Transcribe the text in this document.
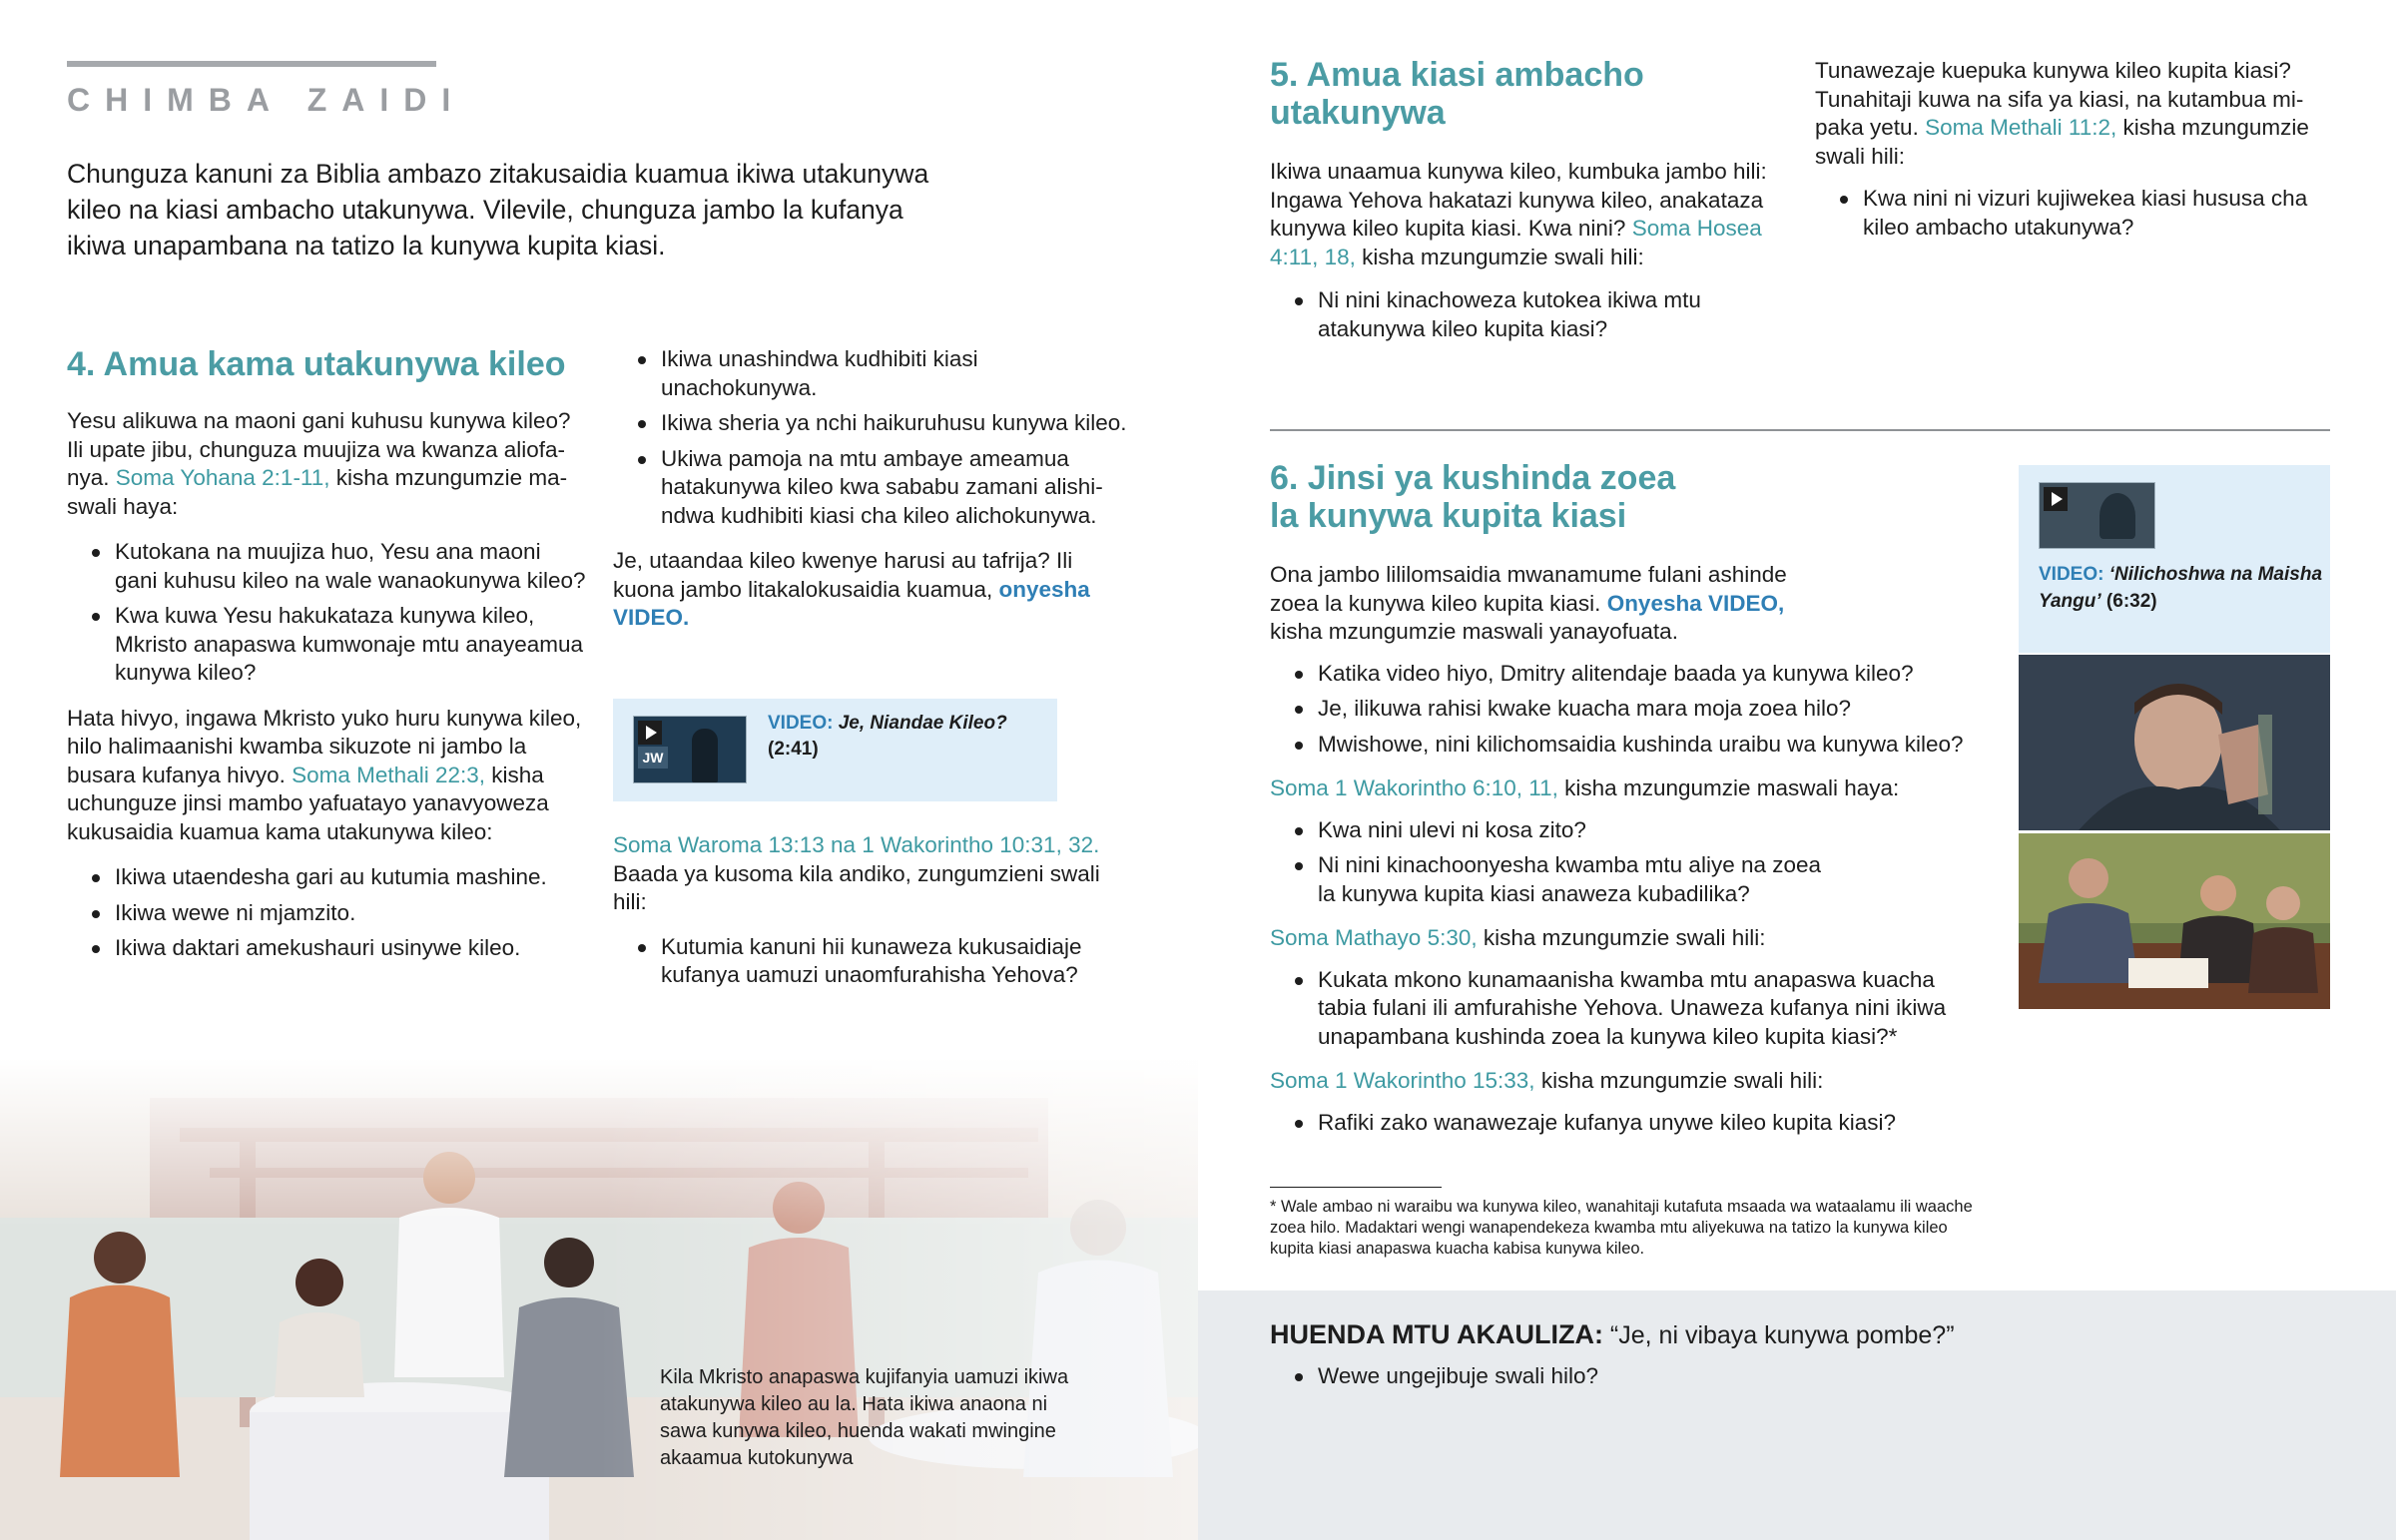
CHIMBA ZAIDI

Chunguza kanuni za Biblia ambazo zitakusaidia kuamua ikiwa utakunywa kileo na kiasi ambacho utakunywa. Vilevile, chunguza jambo la kufanya ikiwa unapambana na tatizo la kunywa kupita kiasi.

4. Amua kama utakunywa kileo

Yesu alikuwa na maoni gani kuhusu kunywa kileo? Ili upate jibu, chunguza muujiza wa kwanza aliofanya. Soma Yohana 2:1-11, kisha mzungumzie maswali haya:

Kutokana na muujiza huo, Yesu ana maoni gani kuhusu kileo na wale wanaokunywa kileo?
Kwa kuwa Yesu hakukataza kunywa kileo, Mkristo anapaswa kumwonaje mtu anayeamua kunywa kileo?

Hata hivyo, ingawa Mkristo yuko huru kunywa kileo, hilo halimaanishi kwamba sikuzote ni jambo la busara kufanya hivyo. Soma Methali 22:3, kisha uchunguze jinsi mambo yafuatayo yanavyoweza kukusaidia kuamua kama utakunywa kileo:

Ikiwa utaendesha gari au kutumia mashine.
Ikiwa wewe ni mjamzito.
Ikiwa daktari amekushauri usinywe kileo.
Ikiwa unashindwa kudhibiti kiasi unachokunywa.
Ikiwa sheria ya nchi haikuruhusu kunywa kileo.
Ukiwa pamoja na mtu ambaye ameamua hatakunywa kileo kwa sababu zamani alishindwa kudhibiti kiasi cha kileo alichokunywa.

Je, utaandaa kileo kwenye harusi au tafrija? Ili kuona jambo litakalokusaidia kuamua, onyesha VIDEO.

JW
VIDEO: Je, Niandae Kileo?
(2:41)

Soma Waroma 13:13 na 1 Wakorintho 10:31, 32.

Baada ya kusoma kila andiko, zungumzieni swali hili:

Kutumia kanuni hii kunaweza kukusaidiaje kufanya uamuzi unaomfurahisha Yehova?

Kila Mkristo anapaswa kujifanyia uamuzi ikiwa atakunywa kileo au la. Hata ikiwa anaona ni sawa kunywa kileo, huenda wakati mwingine akaamua kutokunywa

5. Amua kiasi ambacho utakunywa

Ikiwa unaamua kunywa kileo, kumbuka jambo hili: Ingawa Yehova hakatazi kunywa kileo, anakataza kunywa kileo kupita kiasi. Kwa nini? Soma Hosea 4:11, 18, kisha mzungumzie swali hili:

Ni nini kinachoweza kutokea ikiwa mtu atakunywa kileo kupita kiasi?

Tunawezaje kuepuka kunywa kileo kupita kiasi? Tunahitaji kuwa na sifa ya kiasi, na kutambua mipaka yetu. Soma Methali 11:2, kisha mzungumzie swali hili:

Kwa nini ni vizuri kujiwekea kiasi hususa cha kileo ambacho utakunywa?
6. Jinsi ya kushinda zoea la kunywa kupita kiasi

Ona jambo lililomsaidia mwanamume fulani ashinde zoea la kunywa kileo kupita kiasi. Onyesha VIDEO, kisha mzungumzie maswali yanayofuata.

Katika video hiyo, Dmitry alitendaje baada ya kunywa kileo?
Je, ilikuwa rahisi kwake kuacha mara moja zoea hilo?
Mwishowe, nini kilichomsaidia kushinda uraibu wa kunywa kileo?

Soma 1 Wakorintho 6:10, 11, kisha mzungumzie maswali haya:

Kwa nini ulevi ni kosa zito?
Ni nini kinachoonyesha kwamba mtu aliye na zoea la kunywa kupita kiasi anaweza kubadilika?

Soma Mathayo 5:30, kisha mzungumzie swali hili:

Kukata mkono kunamaanisha kwamba mtu anapaswa kuacha tabia fulani ili amfurahishe Yehova. Unaweza kufanya nini ikiwa unapambana kushinda zoea la kunywa kileo kupita kiasi?*

Soma 1 Wakorintho 15:33, kisha mzungumzie swali hili:

Rafiki zako wanawezaje kufanya unywe kileo kupita kiasi?

* Wale ambao ni waraibu wa kunywa kileo, wanahitaji kutafuta msaada wa wataalamu ili waache zoea hilo. Madaktari wengi wanapendekeza kwamba mtu aliyekuwa na tatizo la kunywa kileo kupita kiasi anapaswa kuacha kabisa kunywa kileo.

VIDEO: ‘Nilichoshwa na Maisha Yangu’ (6:32)
HUENDA MTU AKAULIZA: “Je, ni vibaya kunywa pombe?”
Wewe ungejibuje swali hilo?
